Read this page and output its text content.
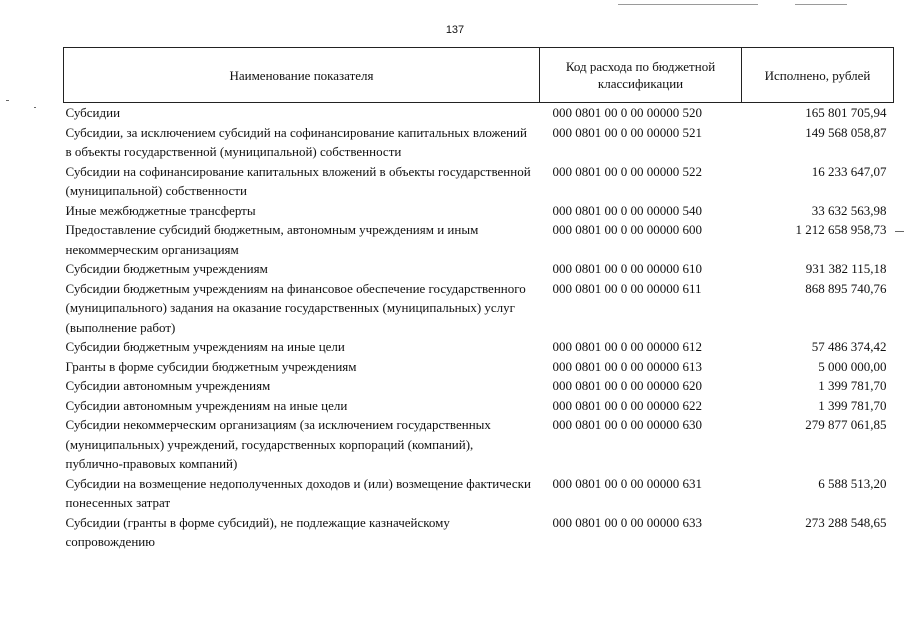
137
Наименование показателя	Код расхода по бюджетной классификации	Исполнено, рублей
Субсидии	000 0801 00 0 00 00000 520	165 801 705,94
Субсидии, за исключением субсидий на софинансирование капитальных вложений в объекты государственной (муниципальной) собственности	000 0801 00 0 00 00000 521	149 568 058,87
Субсидии на софинансирование капитальных вложений в объекты государственной (муниципальной) собственности	000 0801 00 0 00 00000 522	16 233 647,07
Иные межбюджетные трансферты	000 0801 00 0 00 00000 540	33 632 563,98
Предоставление субсидий бюджетным, автономным учреждениям и иным некоммерческим организациям	000 0801 00 0 00 00000 600	1 212 658 958,73
Субсидии бюджетным учреждениям	000 0801 00 0 00 00000 610	931 382 115,18
Субсидии бюджетным учреждениям на финансовое обеспечение государственного (муниципального) задания на оказание государственных (муниципальных) услуг (выполнение работ)	000 0801 00 0 00 00000 611	868 895 740,76
Субсидии бюджетным учреждениям на иные цели	000 0801 00 0 00 00000 612	57 486 374,42
Гранты в форме субсидии бюджетным учреждениям	000 0801 00 0 00 00000 613	5 000 000,00
Субсидии автономным учреждениям	000 0801 00 0 00 00000 620	1 399 781,70
Субсидии автономным учреждениям на иные цели	000 0801 00 0 00 00000 622	1 399 781,70
Субсидии некоммерческим организациям (за исключением государственных (муниципальных) учреждений, государственных корпораций (компаний), публично-правовых компаний)	000 0801 00 0 00 00000 630	279 877 061,85
Субсидии на возмещение недополученных доходов и (или) возмещение фактически понесенных затрат	000 0801 00 0 00 00000 631	6 588 513,20
Субсидии (гранты в форме субсидий), не подлежащие казначейскому сопровождению	000 0801 00 0 00 00000 633	273 288 548,65
